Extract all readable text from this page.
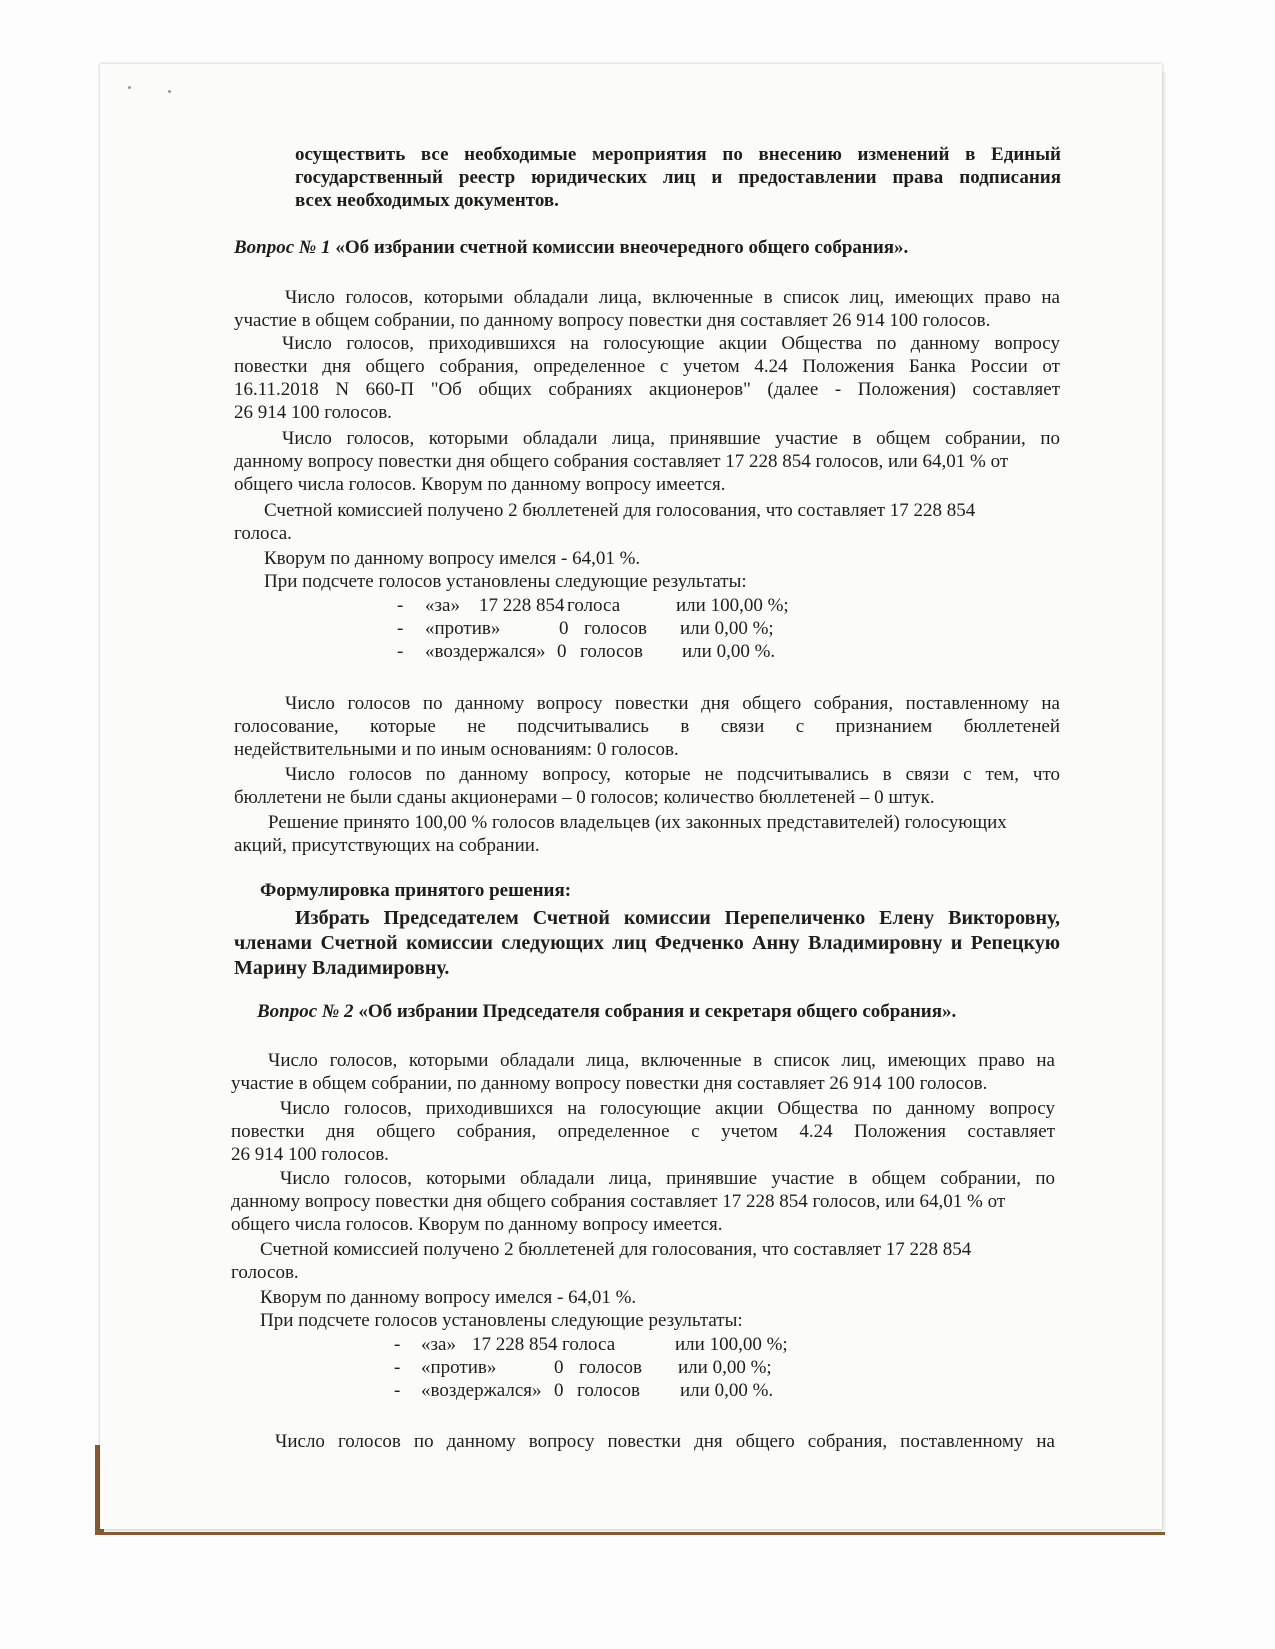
осуществить все необходимые мероприятия по внесению изменений в Единый
государственный реестр юридических лиц и предоставлении права подписания
всех необходимых документов.
Вопрос № 1 «Об избрании счетной комиссии внеочередного общего собрания».
Число голосов, которыми обладали лица, включенные в список лиц, имеющих право на
участие в общем собрании, по данному вопросу повестки дня составляет 26 914 100 голосов.
Число голосов, приходившихся на голосующие акции Общества по данному вопросу
повестки дня общего собрания, определенное с учетом 4.24 Положения Банка России от
16.11.2018 N 660-П "Об общих собраниях акционеров" (далее - Положения) составляет
26 914 100 голосов.
Число голосов, которыми обладали лица, принявшие участие в общем собрании, по
данному вопросу повестки дня общего собрания составляет 17 228 854 голосов, или 64,01 % от
общего числа голосов. Кворум по данному вопросу имеется.
Счетной комиссией получено 2 бюллетеней для голосования, что составляет 17 228 854
голоса.
Кворум по данному вопросу имелся - 64,01 %.
При подсчете голосов установлены следующие результаты:
- «за» 17 228 854 голоса	или 100,00 %;
- «против»	0 голосов или 0,00 %;
- «воздержался» 0 голосов или 0,00 %.
Число голосов по данному вопросу повестки дня общего собрания, поставленному на
голосование, которые не подсчитывались в связи с признанием бюллетеней
недействительными и по иным основаниям: 0 голосов.
Число голосов по данному вопросу, которые не подсчитывались в связи с тем, что
бюллетени не были сданы акционерами – 0 голосов; количество бюллетеней – 0 штук.
Решение принято 100,00 % голосов владельцев (их законных представителей) голосующих
акций, присутствующих на собрании.
Формулировка принятого решения:
Избрать Председателем Счетной комиссии Перепеличенко Елену Викторовну,
членами Счетной комиссии следующих лиц Федченко Анну Владимировну и Репецкую
Марину Владимировну.
Вопрос № 2 «Об избрании Председателя собрания и секретаря общего собрания».
Число голосов, которыми обладали лица, включенные в список лиц, имеющих право на
участие в общем собрании, по данному вопросу повестки дня составляет 26 914 100 голосов.
Число голосов, приходившихся на голосующие акции Общества по данному вопросу
повестки дня общего собрания, определенное с учетом 4.24 Положения составляет
26 914 100 голосов.
Число голосов, которыми обладали лица, принявшие участие в общем собрании, по
данному вопросу повестки дня общего собрания составляет 17 228 854 голосов, или 64,01 % от
общего числа голосов. Кворум по данному вопросу имеется.
Счетной комиссией получено 2 бюллетеней для голосования, что составляет 17 228 854
голосов.
Кворум по данному вопросу имелся - 64,01 %.
При подсчете голосов установлены следующие результаты:
- «за» 17 228 854 голоса	или 100,00 %;
- «против»	0 голосов или 0,00 %;
- «воздержался» 0 голосов или 0,00 %.
Число голосов по данному вопросу повестки дня общего собрания, поставленному на
